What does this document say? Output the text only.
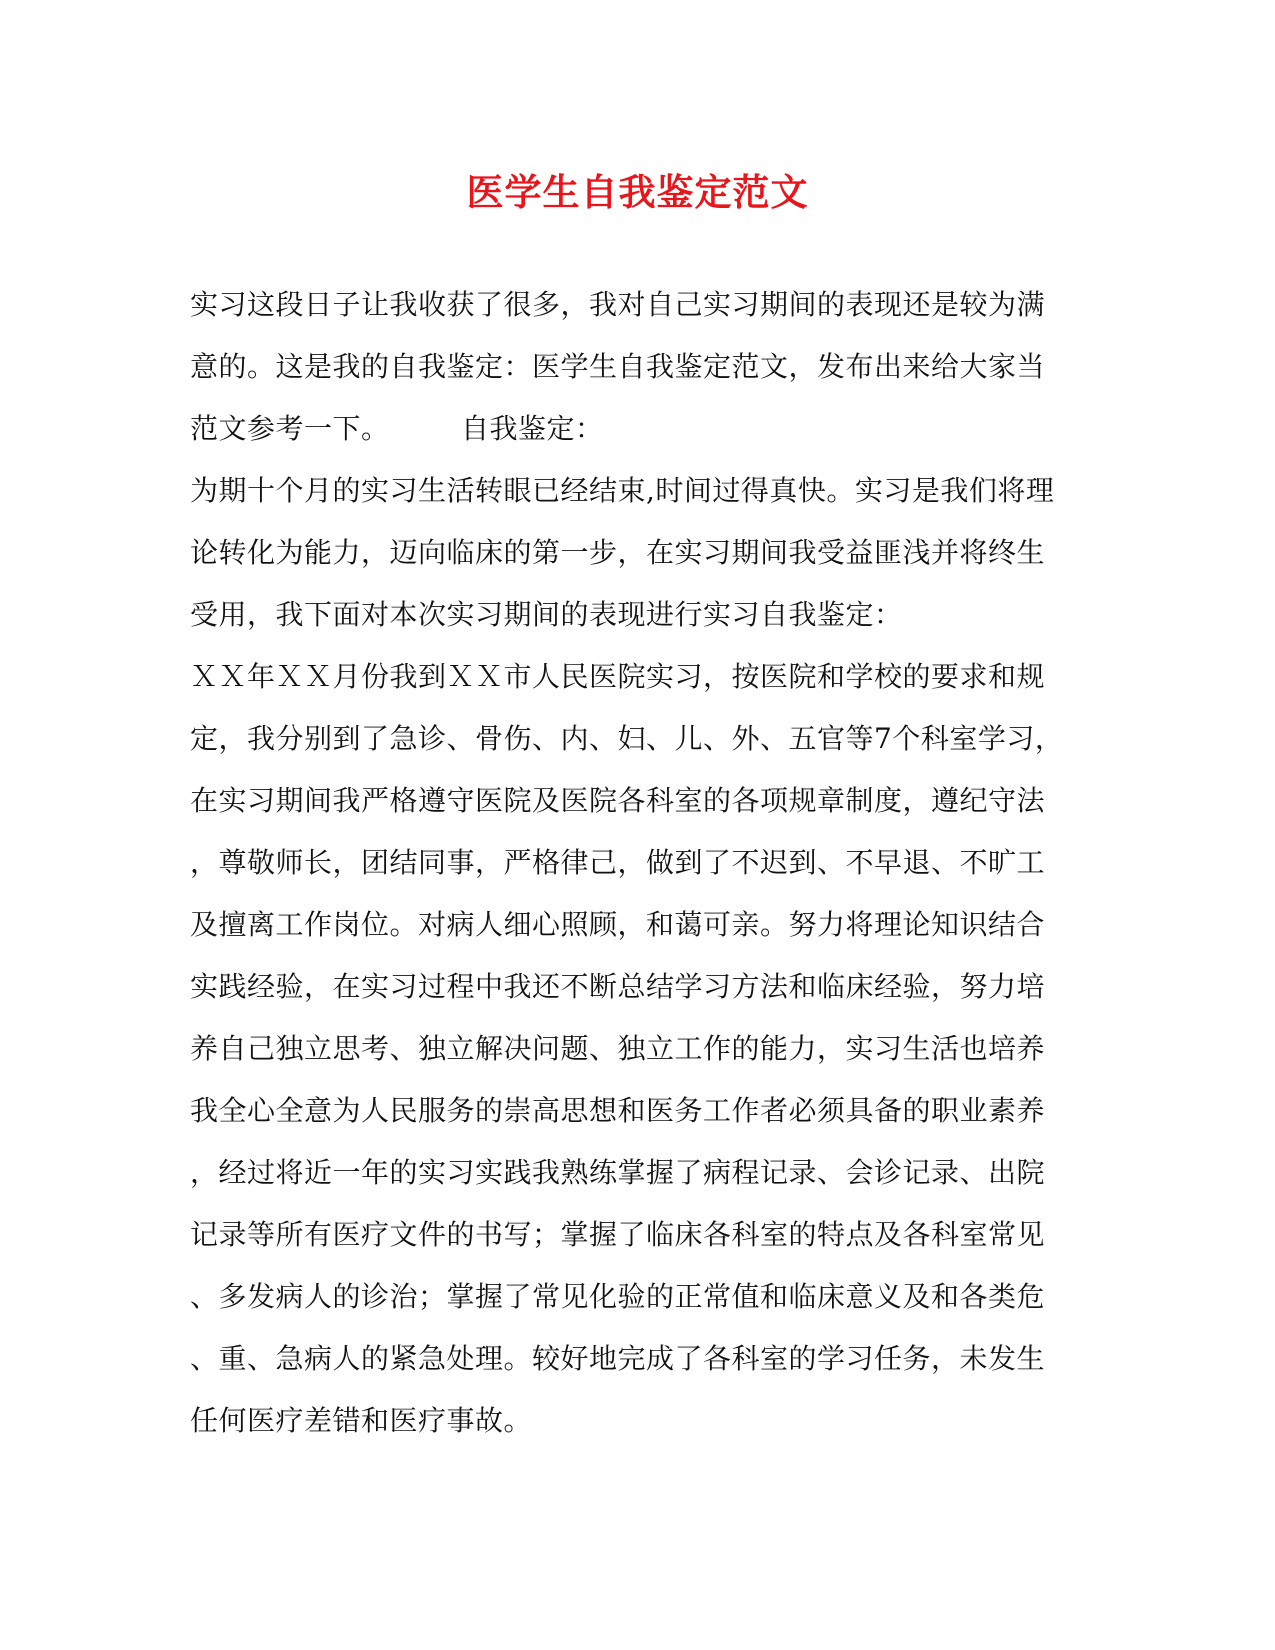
医学生自我鉴定范文
实习这段日子让我收获了很多，我对自己实习期间的表现还是较为满
意的。这是我的自我鉴定：医学生自我鉴定范文，发布出来给大家当
范文参考一下。　　　自我鉴定：
为期十个月的实习生活转眼已经结束,时间过得真快。实习是我们将理
论转化为能力，迈向临床的第一步，在实习期间我受益匪浅并将终生
受用，我下面对本次实习期间的表现进行实习自我鉴定：
ＸＸ年ＸＸ月份我到ＸＸ市人民医院实习，按医院和学校的要求和规
定，我分别到了急诊、骨伤、内、妇、儿、外、五官等7个科室学习，
在实习期间我严格遵守医院及医院各科室的各项规章制度，遵纪守法
，尊敬师长，团结同事，严格律己，做到了不迟到、不早退、不旷工
及擅离工作岗位。对病人细心照顾，和蔼可亲。努力将理论知识结合
实践经验，在实习过程中我还不断总结学习方法和临床经验，努力培
养自己独立思考、独立解决问题、独立工作的能力，实习生活也培养
我全心全意为人民服务的崇高思想和医务工作者必须具备的职业素养
，经过将近一年的实习实践我熟练掌握了病程记录、会诊记录、出院
记录等所有医疗文件的书写；掌握了临床各科室的特点及各科室常见
、多发病人的诊治；掌握了常见化验的正常值和临床意义及和各类危
、重、急病人的紧急处理。较好地完成了各科室的学习任务，未发生
任何医疗差错和医疗事故。
